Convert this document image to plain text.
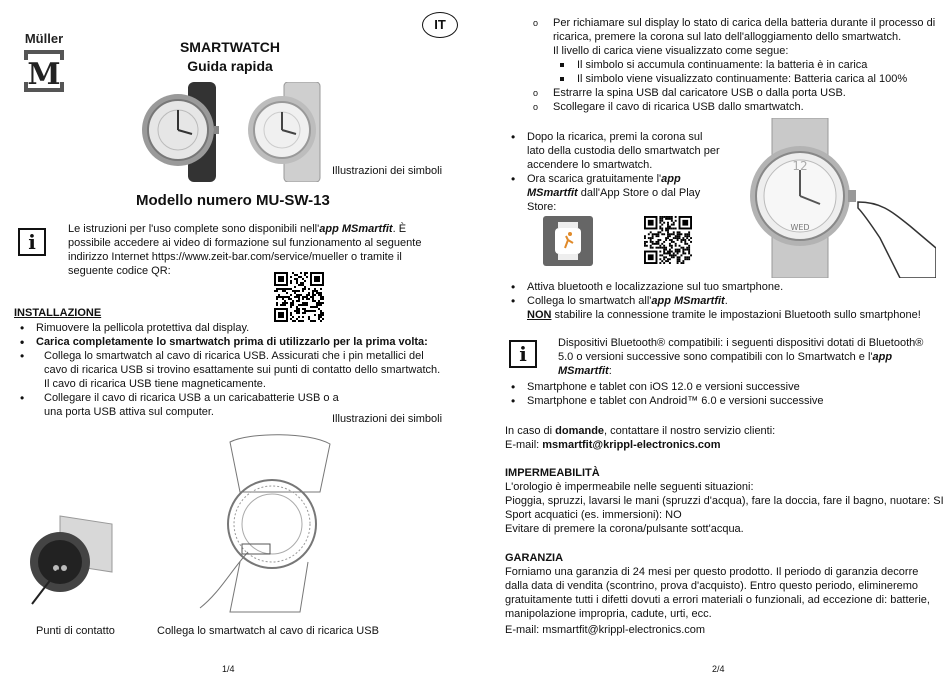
Müller
M
SMARTWATCH
Guida rapida
Illustrazioni dei simboli
Modello numero MU-SW-13
i
Le istruzioni per l'uso complete sono disponibili nell'app MSmartfit. È possibile accedere ai video di formazione sul funzionamento al seguente indirizzo Internet https://www.zeit-bar.com/service/mueller o tramite il seguente codice QR:
INSTALLAZIONE
• Rimuovere la pellicola protettiva dal display.
• Carica completamente lo smartwatch prima di utilizzarlo per la prima volta:
• Collega lo smartwatch al cavo di ricarica USB. Assicurati che i pin metallici del cavo di ricarica USB si trovino esattamente sui punti di contatto dello smartwatch. Il cavo di ricarica USB tiene magneticamente.
• Collegare il cavo di ricarica USB a un caricabatterie USB o a una porta USB attiva sul computer.
Illustrazioni dei simboli
Punti di contatto	Collega lo smartwatch al cavo di ricarica USB
1/4
IT
o	Per richiamare sul display lo stato di carica della batteria durante il processo di ricarica, premere la corona sul lato dell'alloggiamento dello smartwatch.
Il livello di carica viene visualizzato come segue:
Il simbolo si accumula continuamente: la batteria è in carica
Il simbolo viene visualizzato continuamente: Batteria carica al 100%
o Estrarre la spina USB dal caricatore USB o dalla porta USB.
o Scollegare il cavo di ricarica USB dallo smartwatch.
• Dopo la ricarica, premi la corona sul lato della custodia dello smartwatch per accendere lo smartwatch.
• Ora scarica gratuitamente l'app MSmartfit dall'App Store o dal Play Store:
12
WED
• Attiva bluetooth e localizzazione sul tuo smartphone.
• Collega lo smartwatch all'app MSmartfit.
NON stabilire la connessione tramite le impostazioni Bluetooth sullo smartphone!
i	Dispositivi Bluetooth® compatibili: i seguenti dispositivi dotati di Bluetooth® 5.0 o versioni successive sono compatibili con lo Smartwatch e l'app MSmartfit:
• Smartphone e tablet con iOS 12.0 e versioni successive
• Smartphone e tablet con Android™ 6.0 e versioni successive
In caso di domande, contattare il nostro servizio clienti:
E-mail: msmartfit@krippl-electronics.com
IMPERMEABILITÀ
L'orologio è impermeabile nelle seguenti situazioni:
Pioggia, spruzzi, lavarsi le mani (spruzzi d'acqua), fare la doccia, fare il bagno, nuotare: SI
Sport acquatici (es. immersioni): NO
Evitare di premere la corona/pulsante sott'acqua.
GARANZIA
Forniamo una garanzia di 24 mesi per questo prodotto. Il periodo di garanzia decorre dalla data di vendita (scontrino, prova d'acquisto). Entro questo periodo, elimineremo gratuitamente tutti i difetti dovuti a errori materiali o funzionali, ad eccezione di: batterie, manipolazione impropria, cadute, urti, ecc.
E-mail: msmartfit@krippl-electronics.com
2/4
